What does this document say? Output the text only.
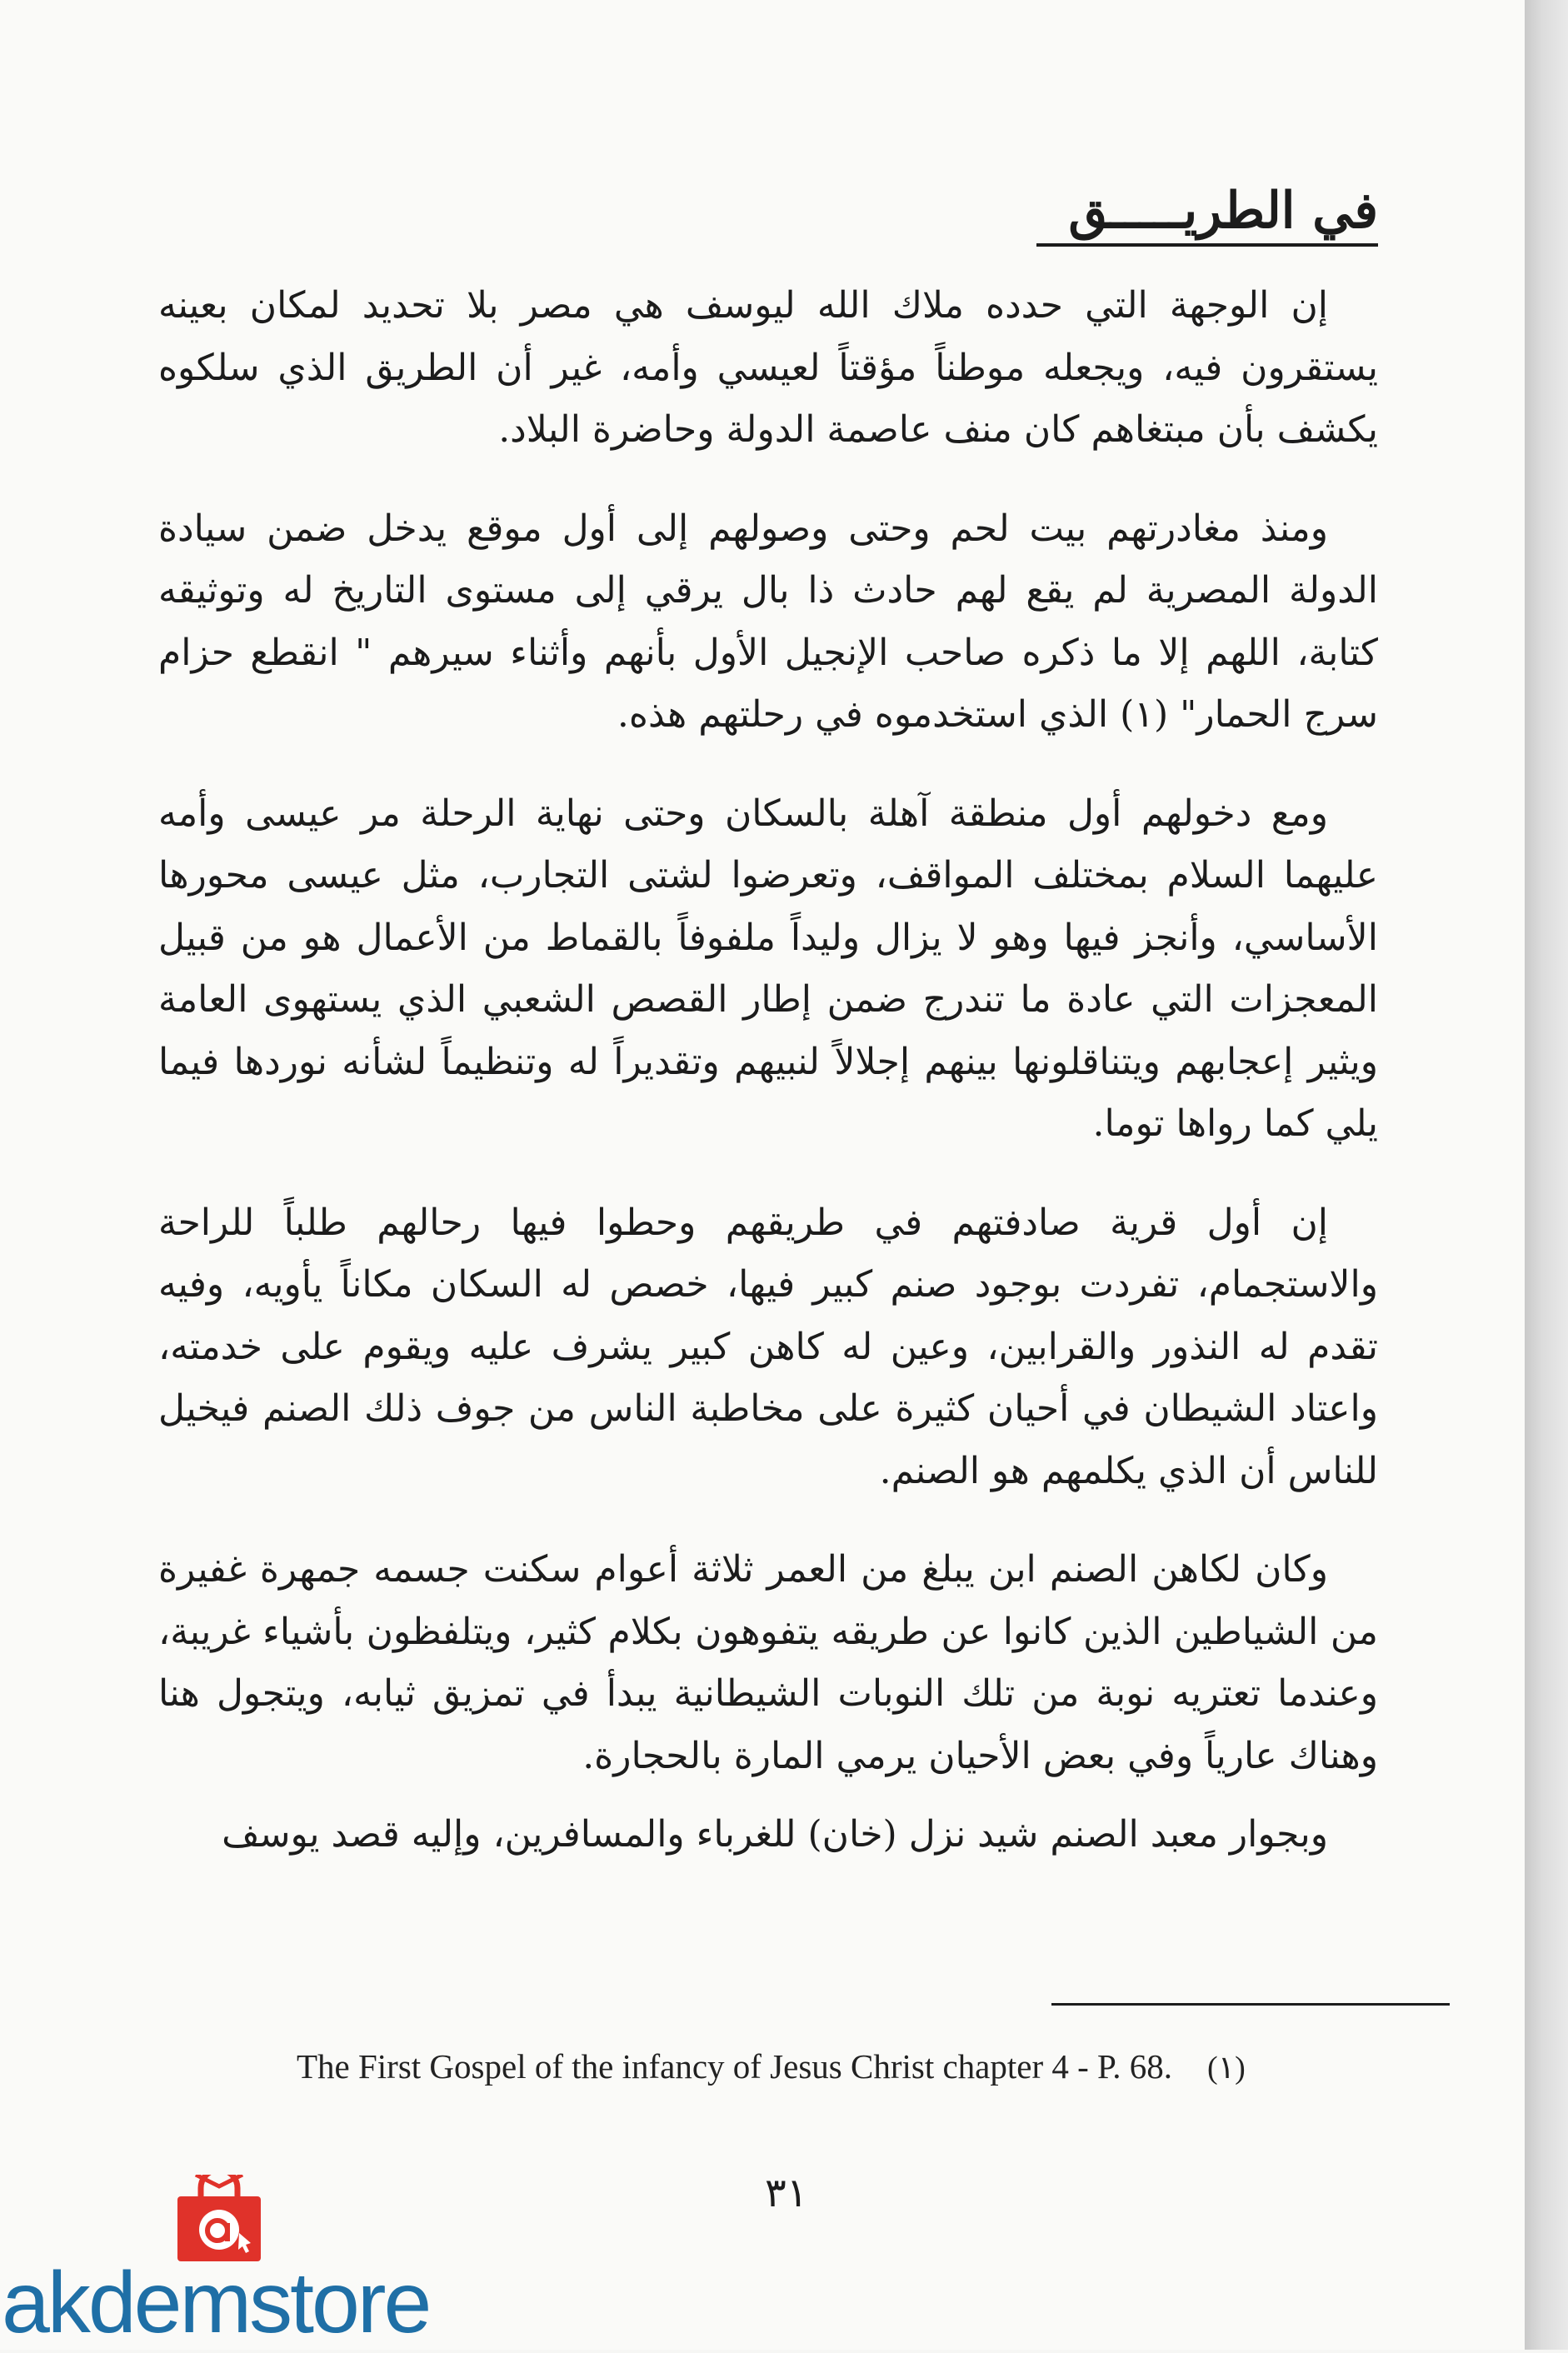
في الطريـــــق

إن الوجهة التي حدده ملاك الله ليوسف هي مصر بلا تحديد لمكان بعينه يستقرون فيه، ويجعله موطناً مؤقتاً لعيسي وأمه، غير أن الطريق الذي سلكوه يكشف بأن مبتغاهم كان منف عاصمة الدولة وحاضرة البلاد.

ومنذ مغادرتهم بيت لحم وحتى وصولهم إلى أول موقع يدخل ضمن سيادة الدولة المصرية لم يقع لهم حادث ذا بال يرقي إلى مستوى التاريخ له وتوثيقه كتابة، اللهم إلا ما ذكره صاحب الإنجيل الأول بأنهم وأثناء سيرهم " انقطع حزام سرج الحمار" (١) الذي استخدموه في رحلتهم هذه.

ومع دخولهم أول منطقة آهلة بالسكان وحتى نهاية الرحلة مر عيسى وأمه عليهما السلام بمختلف المواقف، وتعرضوا لشتى التجارب، مثل عيسى محورها الأساسي، وأنجز فيها وهو لا يزال وليداً ملفوفاً بالقماط من الأعمال هو من قبيل المعجزات التي عادة ما تندرج ضمن إطار القصص الشعبي الذي يستهوى العامة ويثير إعجابهم ويتناقلونها بينهم إجلالاً لنبيهم وتقديراً له وتنظيماً لشأنه نوردها فيما يلي كما رواها توما.

إن أول قرية صادفتهم في طريقهم وحطوا فيها رحالهم طلباً للراحة والاستجمام، تفردت بوجود صنم كبير فيها، خصص له السكان مكاناً يأويه، وفيه تقدم له النذور والقرابين، وعين له كاهن كبير يشرف عليه ويقوم على خدمته، واعتاد الشيطان في أحيان كثيرة على مخاطبة الناس من جوف ذلك الصنم فيخيل للناس أن الذي يكلمهم هو الصنم.

وكان لكاهن الصنم ابن يبلغ من العمر ثلاثة أعوام سكنت جسمه جمهرة غفيرة من الشياطين الذين كانوا عن طريقه يتفوهون بكلام كثير، ويتلفظون بأشياء غريبة، وعندما تعتريه نوبة من تلك النوبات الشيطانية يبدأ في تمزيق ثيابه، ويتجول هنا وهناك عارياً وفي بعض الأحيان يرمي المارة بالحجارة.

وبجوار معبد الصنم شيد نزل (خان) للغرباء والمسافرين، وإليه قصد يوسف

The First Gospel of the infancy of Jesus Christ chapter 4 - P. 68. (١)
٣١
akdemstore
